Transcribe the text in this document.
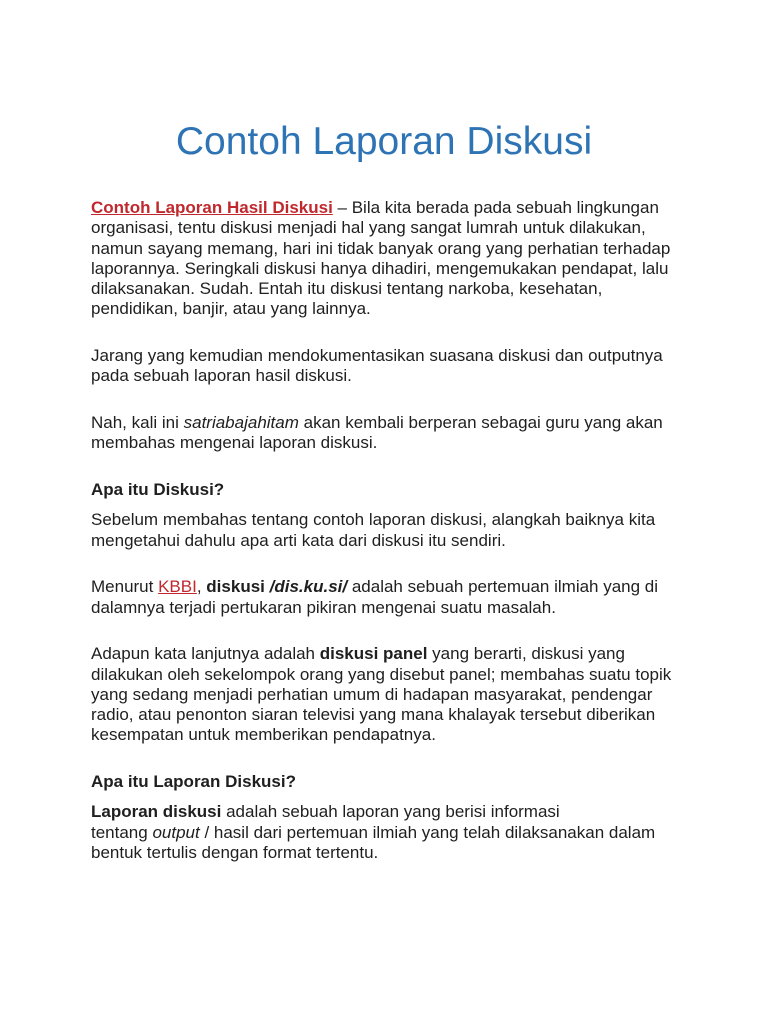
Contoh Laporan Diskusi
Contoh Laporan Hasil Diskusi – Bila kita berada pada sebuah lingkungan
organisasi, tentu diskusi menjadi hal yang sangat lumrah untuk dilakukan,
namun sayang memang, hari ini tidak banyak orang yang perhatian terhadap
laporannya. Seringkali diskusi hanya dihadiri, mengemukakan pendapat, lalu
dilaksanakan. Sudah. Entah itu diskusi tentang narkoba, kesehatan,
pendidikan, banjir, atau yang lainnya.
Jarang yang kemudian mendokumentasikan suasana diskusi dan outputnya
pada sebuah laporan hasil diskusi.
Nah, kali ini satriabajahitam akan kembali berperan sebagai guru yang akan
membahas mengenai laporan diskusi.
Apa itu Diskusi?
Sebelum membahas tentang contoh laporan diskusi, alangkah baiknya kita
mengetahui dahulu apa arti kata dari diskusi itu sendiri.
Menurut KBBI, diskusi /dis.ku.si/ adalah sebuah pertemuan ilmiah yang di
dalamnya terjadi pertukaran pikiran mengenai suatu masalah.
Adapun kata lanjutnya adalah diskusi panel yang berarti, diskusi yang
dilakukan oleh sekelompok orang yang disebut panel; membahas suatu topik
yang sedang menjadi perhatian umum di hadapan masyarakat, pendengar
radio, atau penonton siaran televisi yang mana khalayak tersebut diberikan
kesempatan untuk memberikan pendapatnya.
Apa itu Laporan Diskusi?
Laporan diskusi adalah sebuah laporan yang berisi informasi
tentang output / hasil dari pertemuan ilmiah yang telah dilaksanakan dalam
bentuk tertulis dengan format tertentu.
